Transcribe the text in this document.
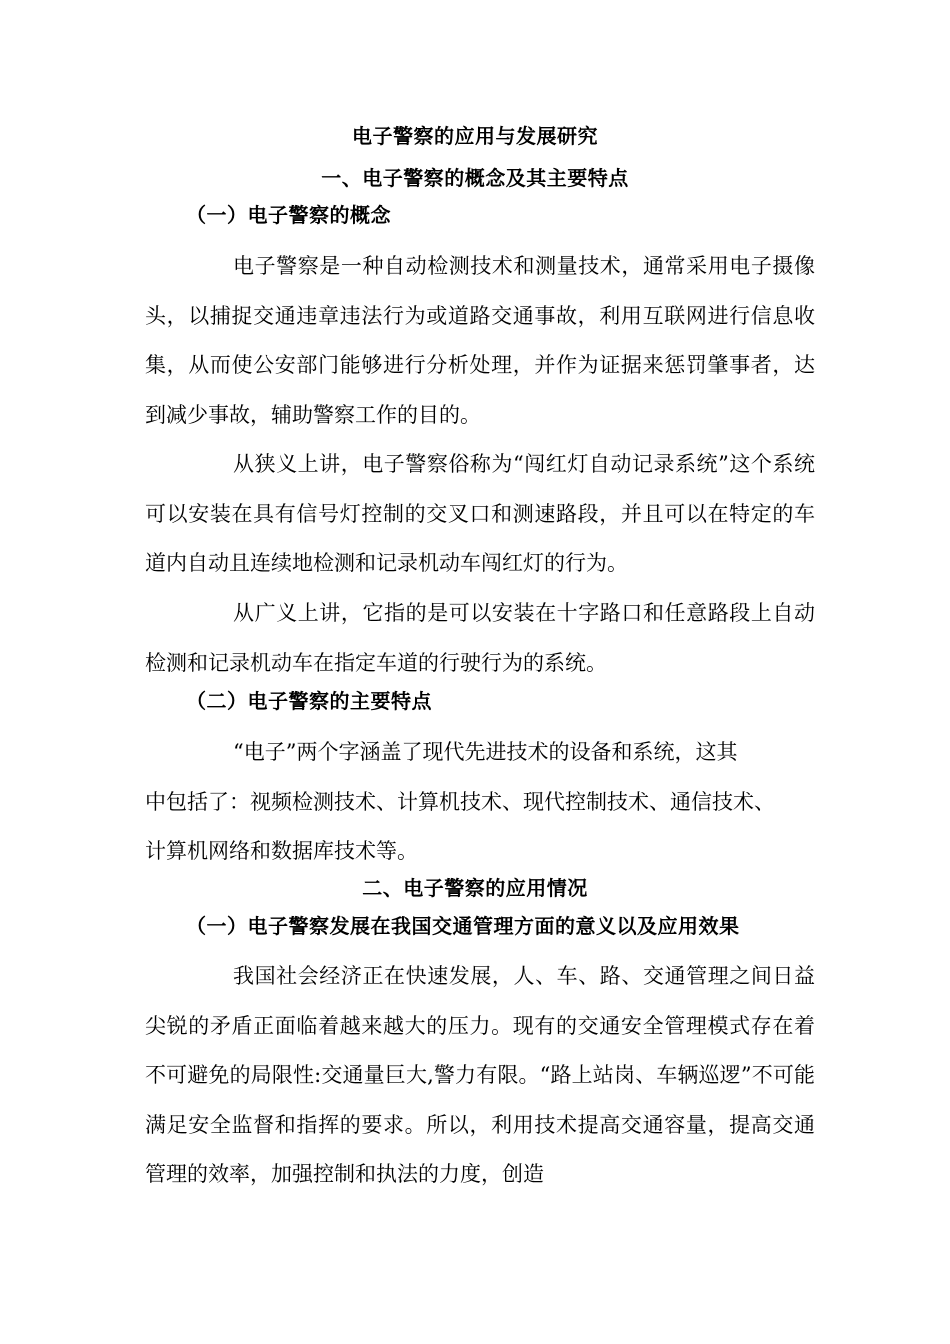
电子警察的应用与发展研究
一、电子警察的概念及其主要特点
（一）电子警察的概念

电子警察是一种自动检测技术和测量技术，通常采用电子摄像头，以捕捉交通违章违法行为或道路交通事故，利用互联网进行信息收集，从而使公安部门能够进行分析处理，并作为证据来惩罚肇事者，达到减少事故，辅助警察工作的目的。

从狭义上讲，电子警察俗称为“闯红灯自动记录系统”这个系统可以安装在具有信号灯控制的交叉口和测速路段，并且可以在特定的车道内自动且连续地检测和记录机动车闯红灯的行为。

从广义上讲，它指的是可以安装在十字路口和任意路段上自动检测和记录机动车在指定车道的行驶行为的系统。

（二）电子警察的主要特点
“电子”两个字涵盖了现代先进技术的设备和系统，这其
中包括了：视频检测技术、计算机技术、现代控制技术、通信技术、
计算机网络和数据库技术等。
二、电子警察的应用情况
（一）电子警察发展在我国交通管理方面的意义以及应用效果

我国社会经济正在快速发展，人、车、路、交通管理之间日益尖锐的矛盾正面临着越来越大的压力。现有的交通安全管理模式存在着不可避免的局限性:交通量巨大,警力有限。“路上站岗、车辆巡逻”不可能满足安全监督和指挥的要求。所以，利用技术提高交通容量，提高交通管理的效率，加强控制和执法的力度，创造
